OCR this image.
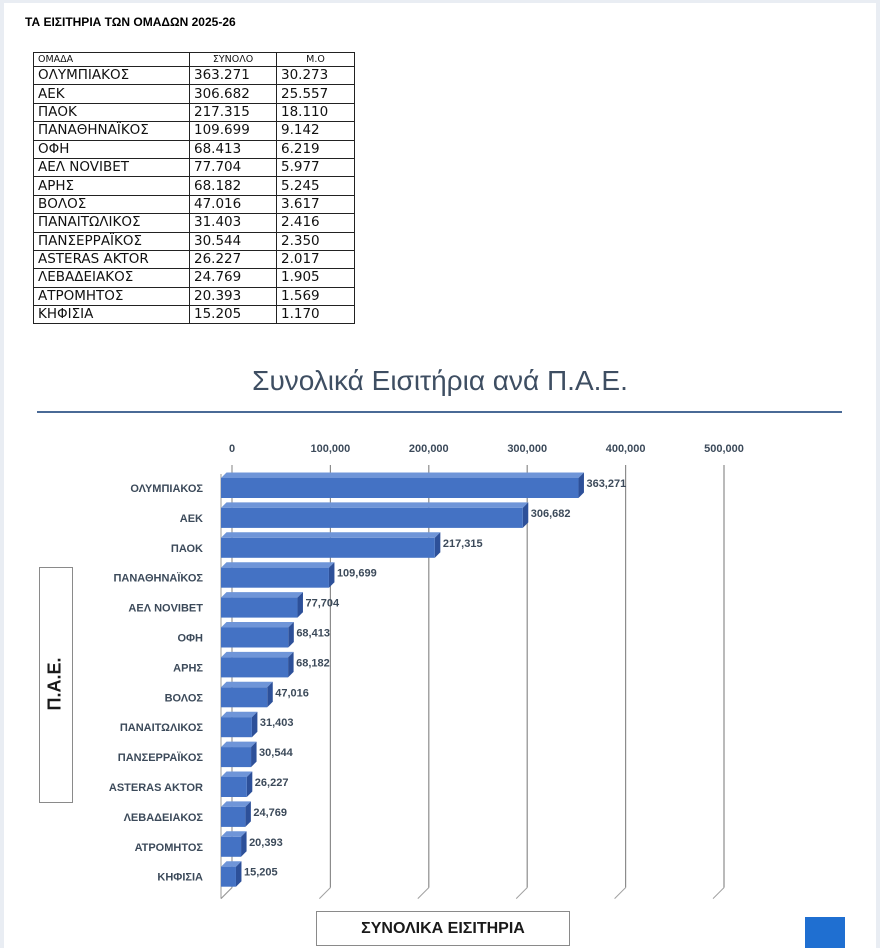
ΤΑ ΕΙΣΙΤΗΡΙΑ ΤΩΝ ΟΜΑΔΩΝ 2025-26
ΟΜΑΔΑ	ΣΥΝΟΛΟ	Μ.Ο
ΟΛΥΜΠΙΑΚΟΣ	363.271	30.273
ΑΕΚ	306.682	25.557
ΠΑΟΚ	217.315	18.110
ΠΑΝΑΘΗΝΑΪΚΟΣ	109.699	9.142
ΟΦΗ	68.413	6.219
ΑΕΛ NOVIBET	77.704	5.977
ΑΡΗΣ	68.182	5.245
ΒΟΛΟΣ	47.016	3.617
ΠΑΝΑΙΤΩΛΙΚΟΣ	31.403	2.416
ΠΑΝΣΕΡΡΑΪΚΟΣ	30.544	2.350
ASTERAS AKTOR	26.227	2.017
ΛΕΒΑΔΕΙΑΚΟΣ	24.769	1.905
ΑΤΡΟΜΗΤΟΣ	20.393	1.569
ΚΗΦΙΣΙΑ	15.205	1.170
Συνολικά Εισιτήρια ανά Π.Α.Ε.
0	100,000	200,000	300,000	400,000	500,000
ΟΛΥΜΠΙΑΚΟΣ	363,271
ΑΕΚ	306,682
ΠΑΟΚ	217,315
ΠΑΝΑΘΗΝΑΪΚΟΣ	109,699
ΑΕΛ NOVIBET	77,704
ΟΦΗ	68,413
ΑΡΗΣ	68,182
ΒΟΛΟΣ	47,016
ΠΑΝΑΙΤΩΛΙΚΟΣ	31,403
ΠΑΝΣΕΡΡΑΪΚΟΣ	30,544
ASTERAS AKTOR	26,227
ΛΕΒΑΔΕΙΑΚΟΣ	24,769
ΑΤΡΟΜΗΤΟΣ	20,393
ΚΗΦΙΣΙΑ	15,205
Π.Α.Ε.
ΣΥΝΟΛΙΚΑ ΕΙΣΙΤΗΡΙΑ
